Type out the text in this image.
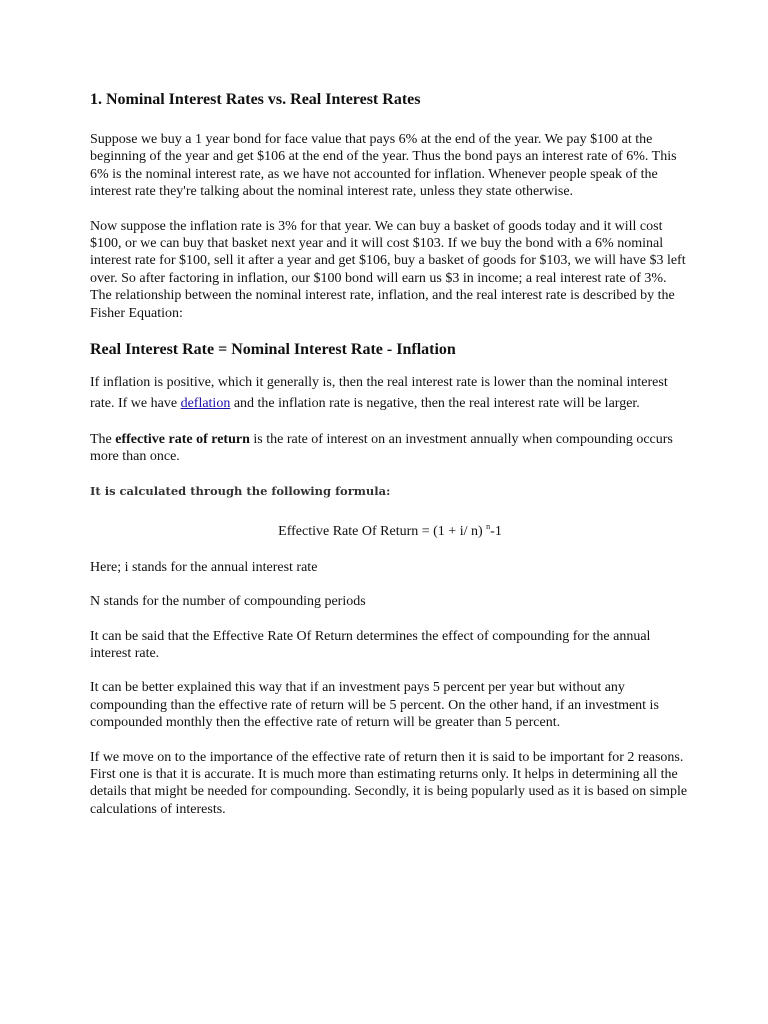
1. Nominal Interest Rates vs. Real Interest Rates

Suppose we buy a 1 year bond for face value that pays 6% at the end of the year. We pay $100 at the beginning of the year and get $106 at the end of the year. Thus the bond pays an interest rate of 6%. This 6% is the nominal interest rate, as we have not accounted for inflation. Whenever people speak of the interest rate they're talking about the nominal interest rate, unless they state otherwise.

Now suppose the inflation rate is 3% for that year. We can buy a basket of goods today and it will cost $100, or we can buy that basket next year and it will cost $103. If we buy the bond with a 6% nominal interest rate for $100, sell it after a year and get $106, buy a basket of goods for $103, we will have $3 left over. So after factoring in inflation, our $100 bond will earn us $3 in income; a real interest rate of 3%. The relationship between the nominal interest rate, inflation, and the real interest rate is described by the Fisher Equation:

Real Interest Rate = Nominal Interest Rate - Inflation

If inflation is positive, which it generally is, then the real interest rate is lower than the nominal interest rate. If we have deflation and the inflation rate is negative, then the real interest rate will be larger.

The effective rate of return is the rate of interest on an investment annually when compounding occurs more than once.

It is calculated through the following formula:

Effective Rate Of Return = (1 + i/ n) $^n$-1

Here; i stands for the annual interest rate

N stands for the number of compounding periods

It can be said that the Effective Rate Of Return determines the effect of compounding for the annual interest rate.

It can be better explained this way that if an investment pays 5 percent per year but without any compounding than the effective rate of return will be 5 percent. On the other hand, if an investment is compounded monthly then the effective rate of return will be greater than 5 percent.

If we move on to the importance of the effective rate of return then it is said to be important for 2 reasons. First one is that it is accurate. It is much more than estimating returns only. It helps in determining all the details that might be needed for compounding. Secondly, it is being popularly used as it is based on simple calculations of interests.
